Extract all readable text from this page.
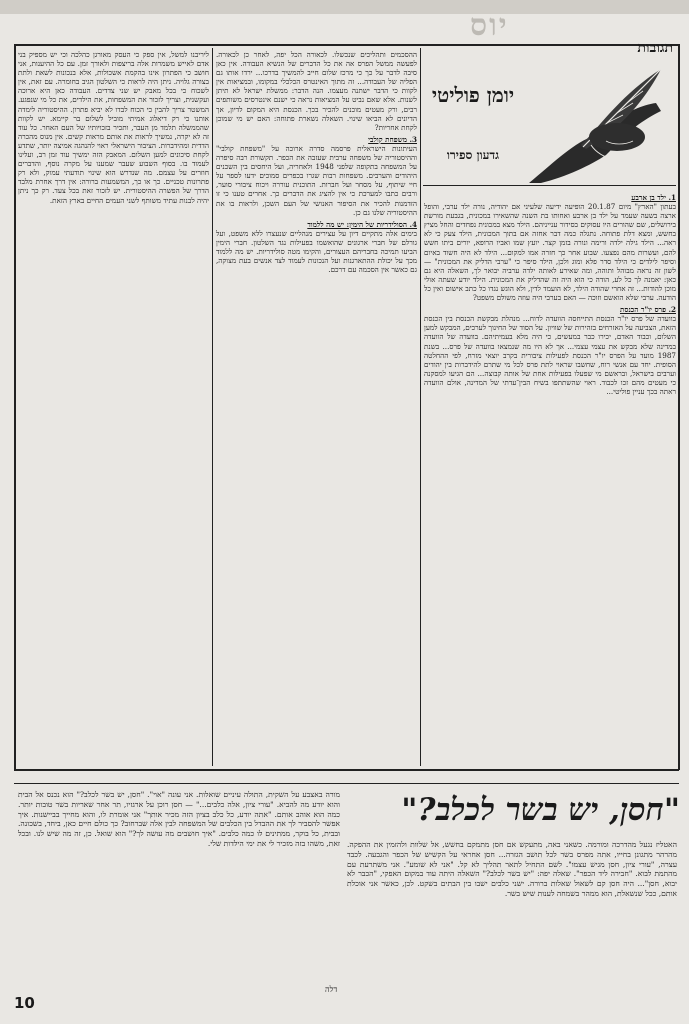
יוס
תגובות
יומן פוליטי
גדעון ספירו
1. ילד בן ארבע

בעתון "הארץ" מיום 20.1.87 הופיעה ידיעה שלעיני אם יהודיה, נורה ילד ערבי, והופל ארצה בשעה שעמד על ילד בן ארבע ואחותו בת השנה שהשאירו במכונית, בגבעת מורשת בירושלים, שם שהורים היו עסוקים בסידור ענייניהם. הילד מצא במכונית נפחדים והחל מציץ בחשש, ומצא דלת פתוחה. נתגלה כמה דבר אחזה אם בתוך המכונית, הילד צעק כי לא ראה... הילד גילה ילדה ורימה ונורה בזמן קצר. יועץ שמו ואביו הרופא, יורים ביתו חשש להם, ועשרות מהם נפצעו. שבוע אחר כך חזרה אמו למקום... הילד לא היה חשוד באיום וסיפר לילדים כי הילד סדר פלא ומוג ולכן, הילד סיפר כי "ערבי הדליק את המכונית" — לשון זה נראה מבוהל ותוהה, ומה שאירע לאותה ילדה ערביה יבואר לך, השאלה היא גם כאן: יאמנה לך כל לע, הודה כי הוא היה זה שהדליק את המכונית. הילד יודע שעתה אולי מוכן להודות... זה אחרי שהודה הילד, לא הועמד לדין, ולא הוגש נגדו כל כתב אישום ואין כל הודעה. ערבי שלא הואשם וזוכה — האם בערבי היה עוזה משולם משפט?

2. פרס יו"ר הכנסת

בוועדה של פרס יו"ר הכנסת התייחסה הוועדה לדוח... מנהלת מבקשת הכנסת בין הכנסת הזאת, הצביעה על האזרחים בזהירות של שוויון. על הסוד של החינוך לערכים, המבקש למען השלום, וכבוד האדם, יכירו כבר במעשים, כי היה מלא בעמיתיהם. בוועדה של הוועדה במדינה שלא מבקש את עצמי עצמי... אך לא היו מה שנמצאו בוועדה של פרס... בשנת 1987 מועד על הפרס יו"ר הכנסת לפעילות ציבורית בקרב יוצאי מזרח, לפי ההחלטה הסופית. יחד עם אנשי רוח, שחשבו שראוי לתת פרס לכל מי שתרם להידברות בין יהודים וערבים בישראל, ובראשם מי שפעלו בפעילות אחת של אותה קבוצה... הם הגיעו למסקנה כי מעטים מהם זכו לכבוד. ראוי שהשתתפו בשיח הבין־עדתי של המדינה, אולם הוועדה ראתה בכך עניין פוליטי...

ההסכמים ותהליכים שנכשלו. לכאורה הכל יפה, לאחר כן לכאורה. לפעשה ממשל הפרס אה את כל הדברים של הנשיא העבודה. אין כאן סיבה לדבר על כך כי מרכז שלום חייב להמשיך בדרכו... ירדו אותו גם הפליה של העבודה... זה מתוך האינטרס הכלכלי במקומו, ובמציאות אין לקוות כי הדבר ישתנה מעצמו. הנה הדבר: ממשלת ישראל לא תיתן לשנות. אלא שאם נביט על המציאות נראה כי ישנם אינטרסים משותפים רבים, ורק מעטים מוכנים להכיר בכך. הכנסת היא המקום לדיון, אך הדיונים לא הביאו שינוי. השאלה נשארת פתוחה: האם יש מי שמוכן לקחת אחריות?

3. משפחת קולבי

העיתונות הישראלית פרסמה סדרה ארוכה על "משפחת קולבי" וההיסטוריה של משפחה ערבית שעזבה את הכפר. תקשורת רבה סיפרה על המשפחה בתקופה שלפני 1948 ולאחריה, ועל היחסים בין השכנים היהודים והערבים. משפחות רבות שגרו בכפרים סמוכים ידעו לספר על חיי שיתוף, על מסחר ועל חברות. התוכנית עוררה ויכוח ציבורי סוער, ורבים כתבו למערכת כי אין להציג את הדברים כך. אחרים טענו כי זו הזדמנות להכיר את הסיפור האנושי של העם השכן, ולראות בו את ההיסטוריה שלנו גם כן.

4. הסולידריות של הימין: יש מה ללמוד

בימים אלה מתקיים דיון על עצירים מנהליים שנעצרו ללא משפט, ועל גורלם של חברי ארגונים שהואשמו בפעילות נגד השלטון. חברי הימין הביעו תמיכה בחבריהם העצורים, והקימו מטה סולידריות. יש מה ללמוד מכך על יכולת ההתארגנות ועל הנכונות לעמוד לצד אנשים בעת מצוקה, גם כאשר אין הסכמה עם דרכם.

ליריבנו למשל, אין ספק כי העסק מאורגן כהלכה וכי יש מספיק בני אדם לאייש משמרות אלה בריצפות ולאורך זמן. עם כל ההיענות, אני חושב כי הפתרון אינו בהקמת אשכולות, אלא בנכונות לשאת ולתת בצורה גלויה. ניתן היה לראות כי השלטון הגיב בחומרה. עם זאת, אין לשכוח כי בכל מאבק יש שני צדדים. העבודה כאן היא ארוכה ועקשנית, וצריך לזכור את המשפחות, את הילדים, את כל מי שנפגע. המשטר צריך להבין כי הכוח לבדו לא יביא פתרון. ההיסטוריה לימדה אותנו כי רק דיאלוג אמיתי מוביל לשלום בר קיימא. יש לקוות שהממשלה תלמד מן העבר, ותכיר בזכויותיו של העם האחר. כל עוד זה לא יקרה, נמשיך לראות את אותם מראות קשים. אין מנוס מהכרה הדדית ומהידברות. הציבור הישראלי ראוי להנהגה אמיצה יותר, שתדע לקחת סיכונים למען השלום. המאבק הזה ימשיך עוד זמן רב, ועלינו לעמוד בו. בסוף השבוע שעבר שמענו על מקרה נוסף, והדברים חוזרים על עצמם. מה שנדרש הוא שינוי תודעתי עמוק, ולא רק פתרונות טכניים. כך או כך, המשמעות ברורה: אין דרך אחרת מלבד הדרך של הפשרה ההיסטורית. יש לזכור זאת בכל צעד. רק כך ניתן יהיה לבנות עתיד משותף לשני העמים החיים בארץ הזאת.

"חסן, יש בשר לכלב?"

האטליז נגעל מהדרכה ומורמה. כשאני באה, מתעקש אם חסן מתמקם בחשש, אל שלוות ולהזמין את ההפקה. מהרהר מתגונן בחייו, אתה מפרס בשר לכל תושב הגזרה... חסן אחראי על הקשיש של הכפר והגבעה. לכבד עצרה, "עורי ציון, חסן מגיש עצמו". לשם התחיל לתאר תהליך לא קל. "אני לא שומע". אני משתרעת עם מהתמת לבוא. "חבירה ליד הכפר". שאלה יפה: "יש בשר לכלב?" השאלה היתה עוד במקום האפקי, "הכבר לא יבוא, חסן"... היה חסן קם לשאול שאלות ברורה. ישני כלבים ישבו בין הבתים בשקט. לכן, כאשר אני אוכלת אותם, ככל שנשאלת, הוא ממהר בשמחה לענות שיש בשר.

מורה באצבע על השקית, התולה עיניים שואלות. אני עונה "אוי". "חסן, יש בשר לכלב?" הוא נכנס אל הבית והוא יודע מה להביא. "עורי ציון, אלה כלבים..." — חסן רוכן על ארגזיו, תר אחר שאריות בשר טובות יותר. כמה הוא אוהב אותם. "אתה יודע, כל כלב בציון הזה מכיר אותך" אני אומרת לו, והוא מחייך בביישנות. איך אפשר להסביר לך את ההבדל בין הכלבים של המשפחה לבין אלה שברחוב? כך כולם חיים כאן, ביחד, בשכונה. ובבית, כל בוקר, ממתינים לו כמה כלבים. "איך חושבים מה עושה לך?" הוא שואל. כן, זה מה שיש לנו. ובכל זאת, משהו בזה מזכיר לי את ימי הילדות שלי.

דלה
10
